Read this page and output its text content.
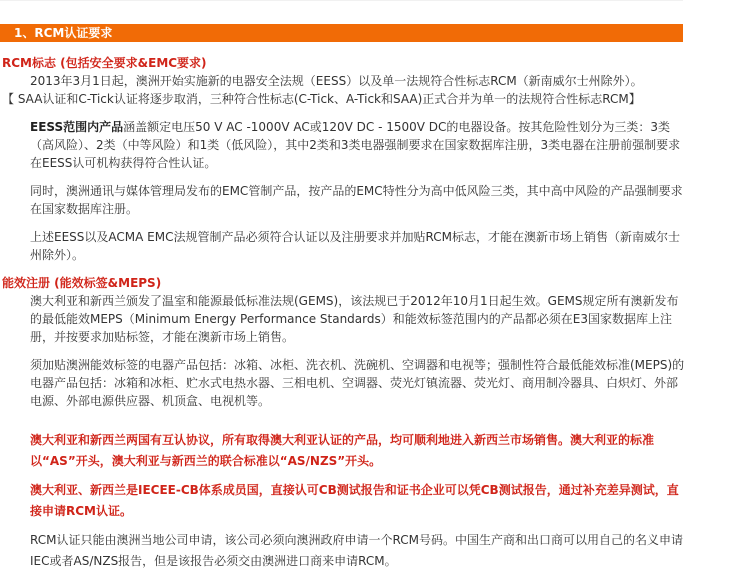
1、RCM认证要求

RCM标志 (包括安全要求&EMC要求)

2013年3月1日起，澳洲开始实施新的电器安全法规（EESS）以及单一法规符合性标志RCM（新南威尔士州除外）。

【 SAA认证和C-Tick认证将逐步取消，三种符合性标志(C-Tick、A-Tick和SAA)正式合并为单一的法规符合性标志RCM】

EESS范围内产品涵盖额定电压50 V AC -1000V AC或120V DC - 1500V DC的电器设备。按其危险性划分为三类：3类（高风险）、2类（中等风险）和1类（低风险），其中2类和3类电器强制要求在国家数据库注册，3类电器在注册前强制要求在EESS认可机构获得符合性认证。

同时，澳洲通讯与媒体管理局发布的EMC管制产品，按产品的EMC特性分为高中低风险三类，其中高中风险的产品强制要求在国家数据库注册。

上述EESS以及ACMA EMC法规管制产品必须符合认证以及注册要求并加贴RCM标志，才能在澳新市场上销售（新南威尔士州除外）。

能效注册 (能效标签&MEPS)

澳大利亚和新西兰颁发了温室和能源最低标准法规(GEMS)，该法规已于2012年10月1日起生效。GEMS规定所有澳新发布的最低能效MEPS（Minimum Energy Performance Standards）和能效标签范围内的产品都必须在E3国家数据库上注册，并按要求加贴标签，才能在澳新市场上销售。

须加贴澳洲能效标签的电器产品包括：冰箱、冰柜、洗衣机、洗碗机、空调器和电视等；强制性符合最低能效标准(MEPS)的电器产品包括：冰箱和冰柜、贮水式电热水器、三相电机、空调器、荧光灯镇流器、荧光灯、商用制冷器具、白炽灯、外部电源、外部电源供应器、机顶盒、电视机等。

澳大利亚和新西兰两国有互认协议，所有取得澳大利亚认证的产品，均可顺利地进入新西兰市场销售。澳大利亚的标准以“AS”开头，澳大利亚与新西兰的联合标准以“AS/NZS”开头。

澳大利亚、新西兰是IECEE-CB体系成员国，直接认可CB测试报告和证书企业可以凭CB测试报告，通过补充差异测试，直接申请RCM认证。

RCM认证只能由澳洲当地公司申请，该公司必须向澳洲政府申请一个RCM号码。中国生产商和出口商可以用自己的名义申请IEC或者AS/NZS报告，但是该报告必须交由澳洲进口商来申请RCM。
